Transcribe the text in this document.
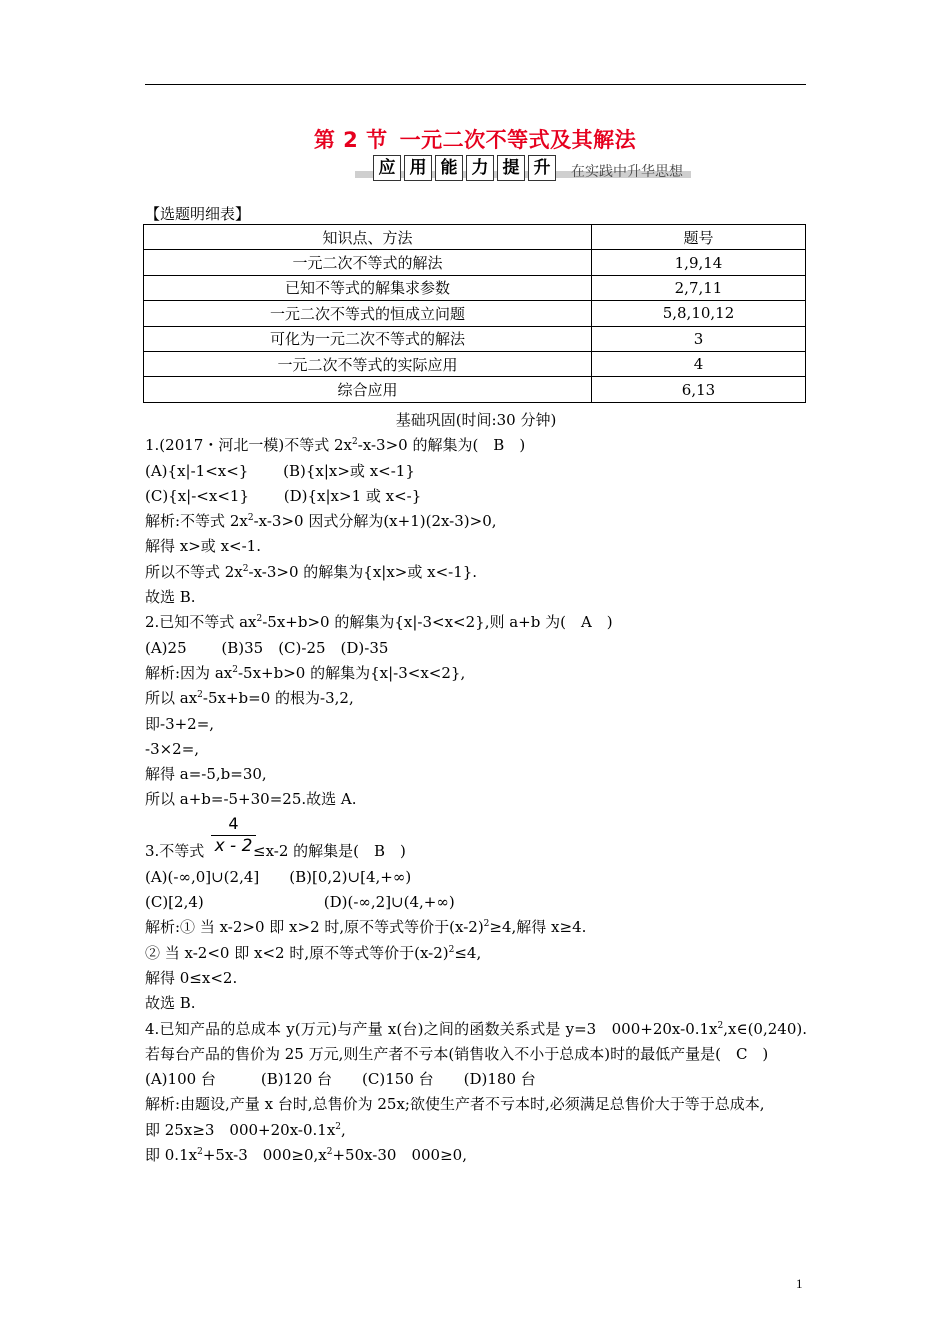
第 2 节 一元二次不等式及其解法
应 用 能 力 提 升	在实践中升华思想
【选题明细表】
知识点、方法	题号
一元二次不等式的解法	1,9,14
已知不等式的解集求参数	2,7,11
一元二次不等式的恒成立问题	5,8,10,12
可化为一元二次不等式的解法	3
一元二次不等式的实际应用	4
综合应用	6,13
基础巩固(时间:30 分钟)
1.(2017・河北一模)不等式 $2x^2-x-3>0$ 的解集为(　B　)
(A){x|-1<x<}　　 (B){x|x>或 x<-1}
(C){x|-<x<1}　　 (D){x|x>1 或 x<-}
解析:不等式 $2x^2-x-3>0$ 因式分解为(x+1)(2x-3)>0,
解得 x>或 x<-1.
所以不等式 $2x^2-x-3>0$ 的解集为{x|x>或 x<-1}.
故选 B.
2.已知不等式 $ax^2-5x+b>0$ 的解集为{x|-3<x<2},则 a+b 为(　A　)
(A)25　　 (B)35　(C)-25　(D)-35
解析:因为 $ax^2-5x+b>0$ 的解集为{x|-3<x<2},
所以 $ax^2-5x+b=0$ 的根为-3,2,
即-3+2=,
-3×2=,
解得 a=-5,b=30,
所以 a+b=-5+30=25.故选 A.
3.不等式
4
x - 2 ≤x-2 的解集是(　B　)
(A)(-∞,0]∪(2,4]　　(B)[0,2)∪[4,+∞)
(C)[2,4)　　　　　　　　(D)(-∞,2]∪(4,+∞)
解析:① 当 x-2>0 即 x>2 时,原不等式等价于$(x-2)^2\ge 4$,解得 x≥4.
② 当 x-2<0 即 x<2 时,原不等式等价于$(x-2)^2\le 4$,
解得 0≤x<2.
故选 B.
4.已知产品的总成本 y(万元)与产量 x(台)之间的函数关系式是 y=3　$000+20x-0.1x^2,x\in(0,240)$.若每台产品的售价为 25 万元,则生产者不亏本(销售收入不小于总成本)时的最低产量是(　C　)
(A)100 台　　　(B)120 台　　(C)150 台　　(D)180 台
解析:由题设,产量 x 台时,总售价为 25x;欲使生产者不亏本时,必须满足总售价大于等于总成本,
即 25x≥3　$000+20x-0.1x^2$,
即 $0.1x^2+5x-3$　$000\ge 0,x^2+50x-30$　000≥0,
1
